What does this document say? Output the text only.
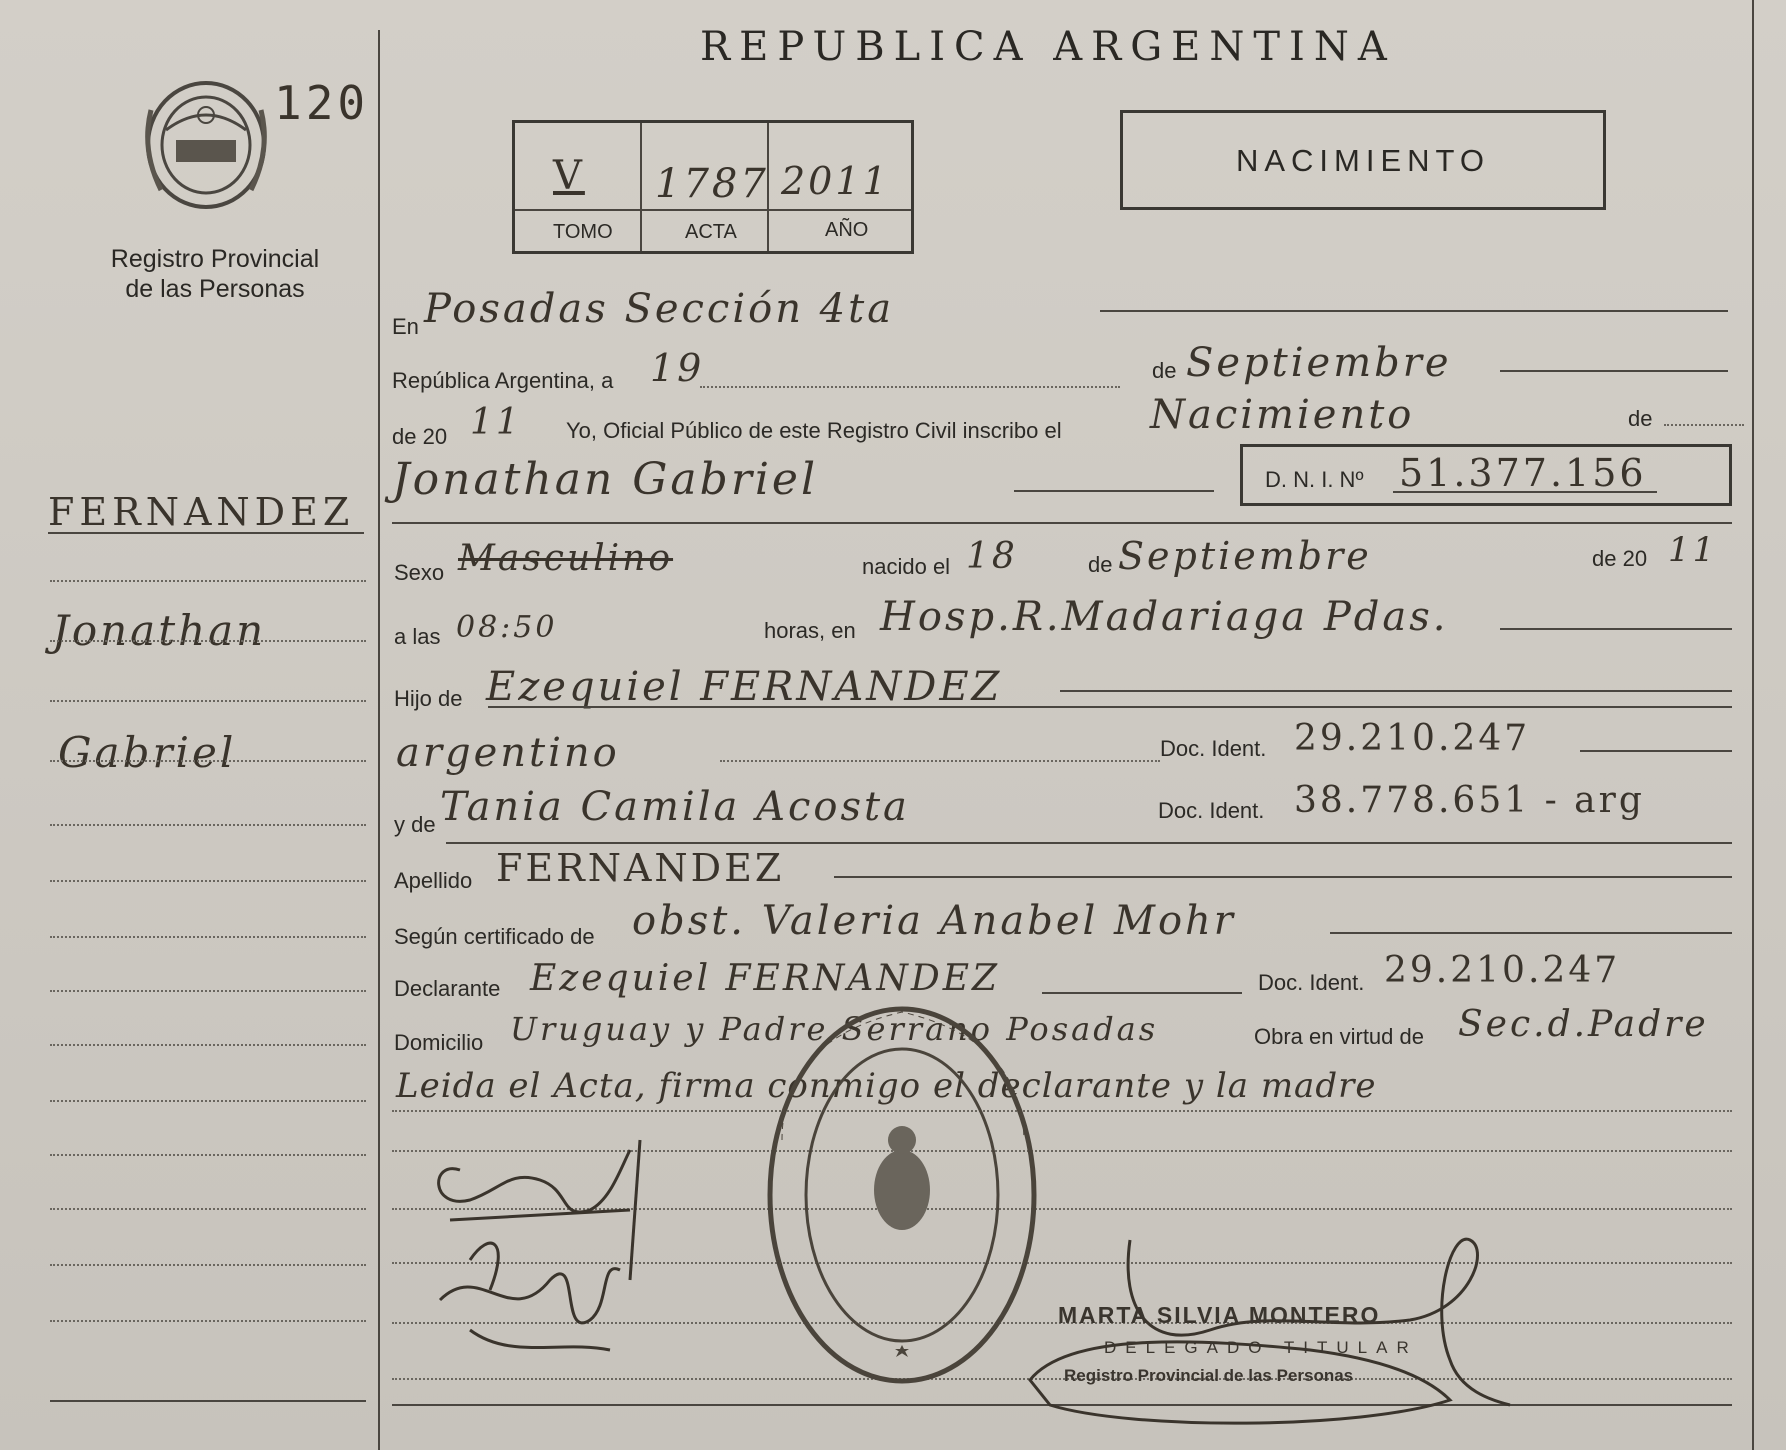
120
Registro Provincial
de las Personas
REPUBLICA ARGENTINA
V 1787 2011
TOMO	ACTA	AÑO
NACIMIENTO
FERNANDEZ
Jonathan
Gabriel
En Posadas Sección 4ta
República Argentina, a 19	de Septiembre
de 20 11 Yo, Oficial Público de este Registro Civil inscribo el Nacimiento	de
Jonathan Gabriel	D. N. I. Nº 51.377.156
Sexo Masculino	nacido el 18	de Septiembre	de 20 11
a las 08:50	horas, en Hosp.R.Madariaga Pdas.
Hijo de Ezequiel FERNANDEZ
argentino	Doc. Ident. 29.210.247
y de Tania Camila Acosta	Doc. Ident. 38.778.651 - arg
Apellido FERNANDEZ
Según certificado de obst. Valeria Anabel Mohr
Declarante Ezequiel FERNANDEZ	Doc. Ident. 29.210.247
Domicilio Uruguay y Padre Serrano Posadas	Obra en virtud de Sec.d.Padre
Leida el Acta, firma conmigo el declarante y la madre
MARTA SILVIA MONTERO
DELEGADO TITULAR
Registro Provincial de las Personas
